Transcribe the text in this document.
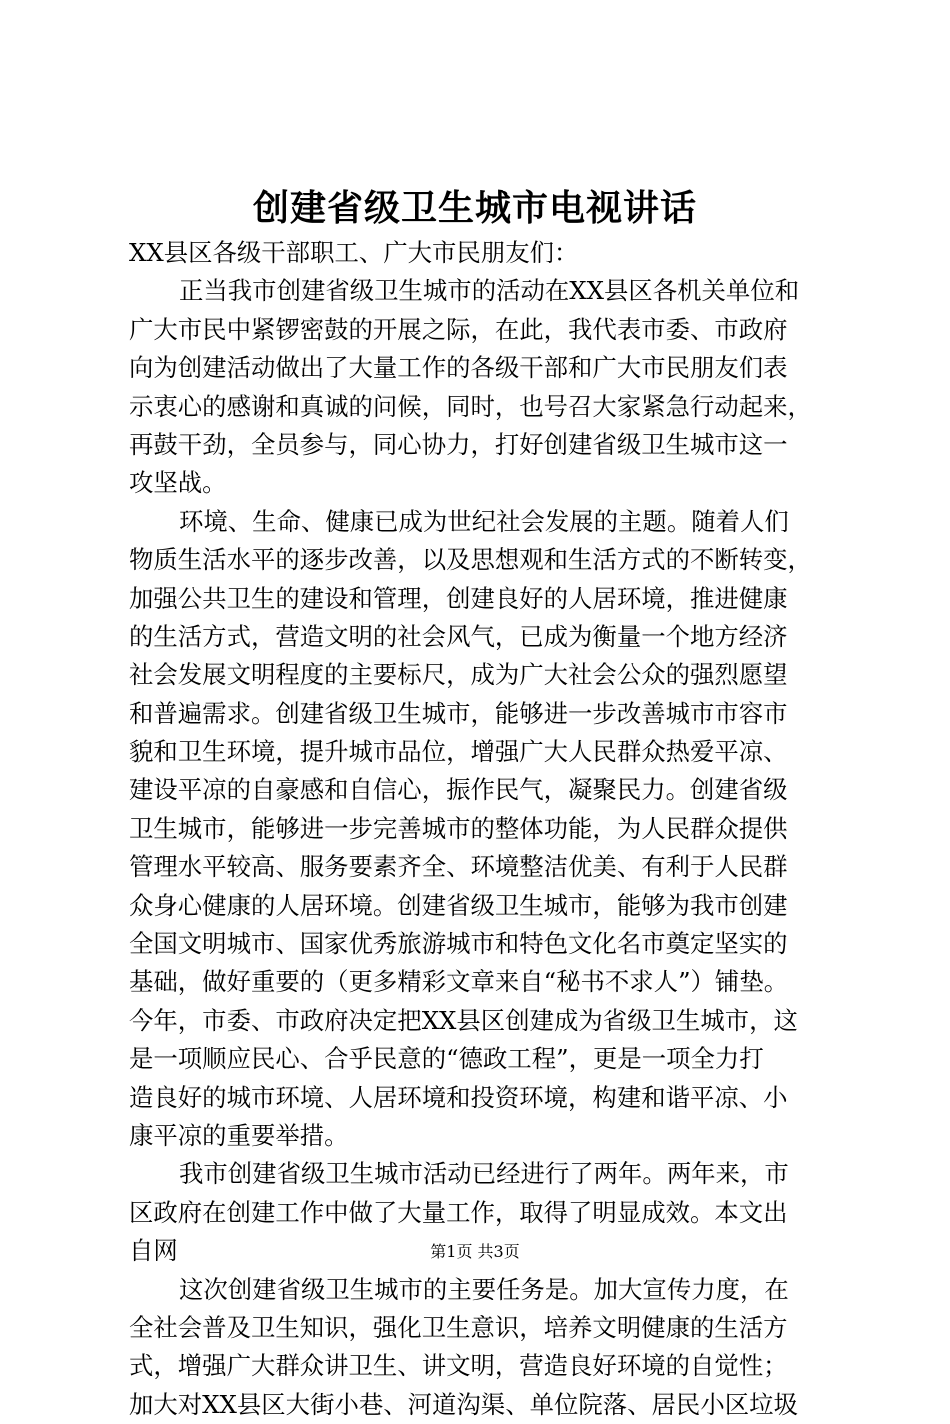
创建省级卫生城市电视讲话
XX县区各级干部职工、广大市民朋友们：
正当我市创建省级卫生城市的活动在XX县区各机关单位和
广大市民中紧锣密鼓的开展之际，在此，我代表市委、市政府
向为创建活动做出了大量工作的各级干部和广大市民朋友们表
示衷心的感谢和真诚的问候，同时，也号召大家紧急行动起来，
再鼓干劲，全员参与，同心协力，打好创建省级卫生城市这一
攻坚战。
环境、生命、健康已成为世纪社会发展的主题。随着人们
物质生活水平的逐步改善，以及思想观和生活方式的不断转变，
加强公共卫生的建设和管理，创建良好的人居环境，推进健康
的生活方式，营造文明的社会风气，已成为衡量一个地方经济
社会发展文明程度的主要标尺，成为广大社会公众的强烈愿望
和普遍需求。创建省级卫生城市，能够进一步改善城市市容市
貌和卫生环境，提升城市品位，增强广大人民群众热爱平凉、
建设平凉的自豪感和自信心，振作民气，凝聚民力。创建省级
卫生城市，能够进一步完善城市的整体功能，为人民群众提供
管理水平较高、服务要素齐全、环境整洁优美、有利于人民群
众身心健康的人居环境。创建省级卫生城市，能够为我市创建
全国文明城市、国家优秀旅游城市和特色文化名市奠定坚实的
基础，做好重要的（更多精彩文章来自“秘书不求人”）铺垫。
今年，市委、市政府决定把XX县区创建成为省级卫生城市，这
是一项顺应民心、合乎民意的“德政工程”，更是一项全力打
造良好的城市环境、人居环境和投资环境，构建和谐平凉、小
康平凉的重要举措。
我市创建省级卫生城市活动已经进行了两年。两年来，市
区政府在创建工作中做了大量工作，取得了明显成效。本文出
自网
这次创建省级卫生城市的主要任务是。加大宣传力度，在
全社会普及卫生知识，强化卫生意识，培养文明健康的生活方
式，增强广大群众讲卫生、讲文明，营造良好环境的自觉性；
加大对XX县区大街小巷、河道沟渠、单位院落、居民小区垃圾
第1页 共3页
